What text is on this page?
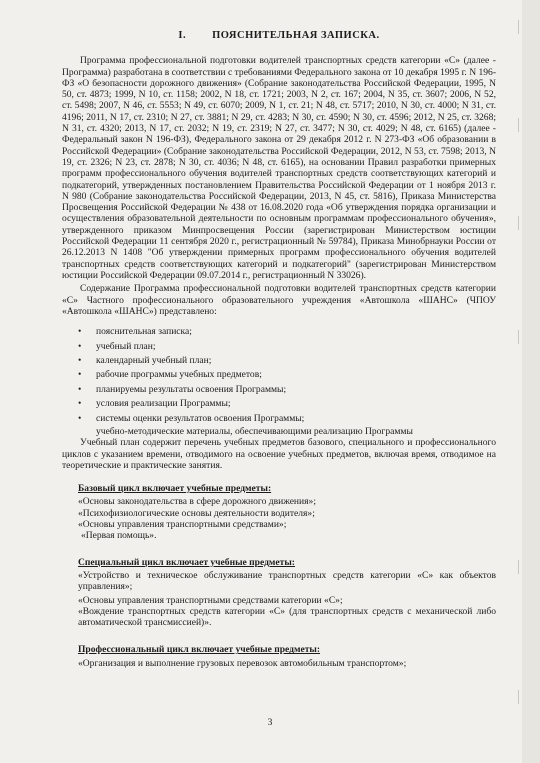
I. ПОЯСНИТЕЛЬНАЯ ЗАПИСКА.

Программа профессиональной подготовки водителей транспортных средств категории «С» (далее - Программа) разработана в соответствии с требованиями Федерального закона от 10 декабря 1995 г. N 196-ФЗ «О безопасности дорожного движения» (Собрание законодательства Российской Федерации, 1995, N 50, ст. 4873; 1999, N 10, ст. 1158; 2002, N 18, ст. 1721; 2003, N 2, ст. 167; 2004, N 35, ст. 3607; 2006, N 52, ст. 5498; 2007, N 46, ст. 5553; N 49, ст. 6070; 2009, N 1, ст. 21; N 48, ст. 5717; 2010, N 30, ст. 4000; N 31, ст. 4196; 2011, N 17, ст. 2310; N 27, ст. 3881; N 29, ст. 4283; N 30, ст. 4590; N 30, ст. 4596; 2012, N 25, ст. 3268; N 31, ст. 4320; 2013, N 17, ст. 2032; N 19, ст. 2319; N 27, ст. 3477; N 30, ст. 4029; N 48, ст. 6165) (далее - Федеральный закон N 196-ФЗ), Федерального закона от 29 декабря 2012 г. N 273-ФЗ «Об образовании в Российской Федерации» (Собрание законодательства Российской Федерации, 2012, N 53, ст. 7598; 2013, N 19, ст. 2326; N 23, ст. 2878; N 30, ст. 4036; N 48, ст. 6165), на основании Правил разработки примерных программ профессионального обучения водителей транспортных средств соответствующих категорий и подкатегорий, утвержденных постановлением Правительства Российской Федерации от 1 ноября 2013 г. N 980 (Собрание законодательства Российской Федерации, 2013, N 45, ст. 5816), Приказа Министерства Просвещения Российской Федерации № 438 от 16.08.2020 года «Об утверждения порядка организации и осуществления образовательной деятельности по основным программам профессионального обучения», утвержденного приказом Минпросвещения России (зарегистрирован Министерством юстиции Российской Федерации 11 сентября 2020 г., регистрационный № 59784), Приказа Минобрнауки России от 26.12.2013 N 1408 "Об утверждении примерных программ профессионального обучения водителей транспортных средств соответствующих категорий и подкатегорий" (зарегистрирован Министерством юстиции Российской Федерации 09.07.2014 г., регистрационный N 33026).

Содержание Программа профессиональной подготовки водителей транспортных средств категории «С» Частного профессионального образовательного учреждения «Автошкола «ШАНС» (ЧПОУ «Автошкола «ШАНС») представлено:

• пояснительная записка;
• учебный план;
• календарный учебный план;
• рабочие программы учебных предметов;
• планируемы результаты освоения Программы;
• условия реализации Программы;
• системы оценки результатов освоения Программы;

учебно-методические материалы, обеспечивающими реализацию Программы

Учебный план содержит перечень учебных предметов базового, специального и профессионального циклов с указанием времени, отводимого на освоение учебных предметов, включая время, отводимое на теоретические и практические занятия.

Базовый цикл включает учебные предметы:
«Основы законодательства в сфере дорожного движения»;
«Психофизиологические основы деятельности водителя»;
«Основы управления транспортными средствами»;
«Первая помощь».
Специальный цикл включает учебные предметы:
«Устройство и техническое обслуживание транспортных средств категории «С» как объектов управления»;
«Основы управления транспортными средствами категории «С»;
«Вождение транспортных средств категории «С» (для транспортных средств с механической либо автоматической трансмиссией)».
Профессиональный цикл включает учебные предметы:
«Организация и выполнение грузовых перевозок автомобильным транспортом»;
3
